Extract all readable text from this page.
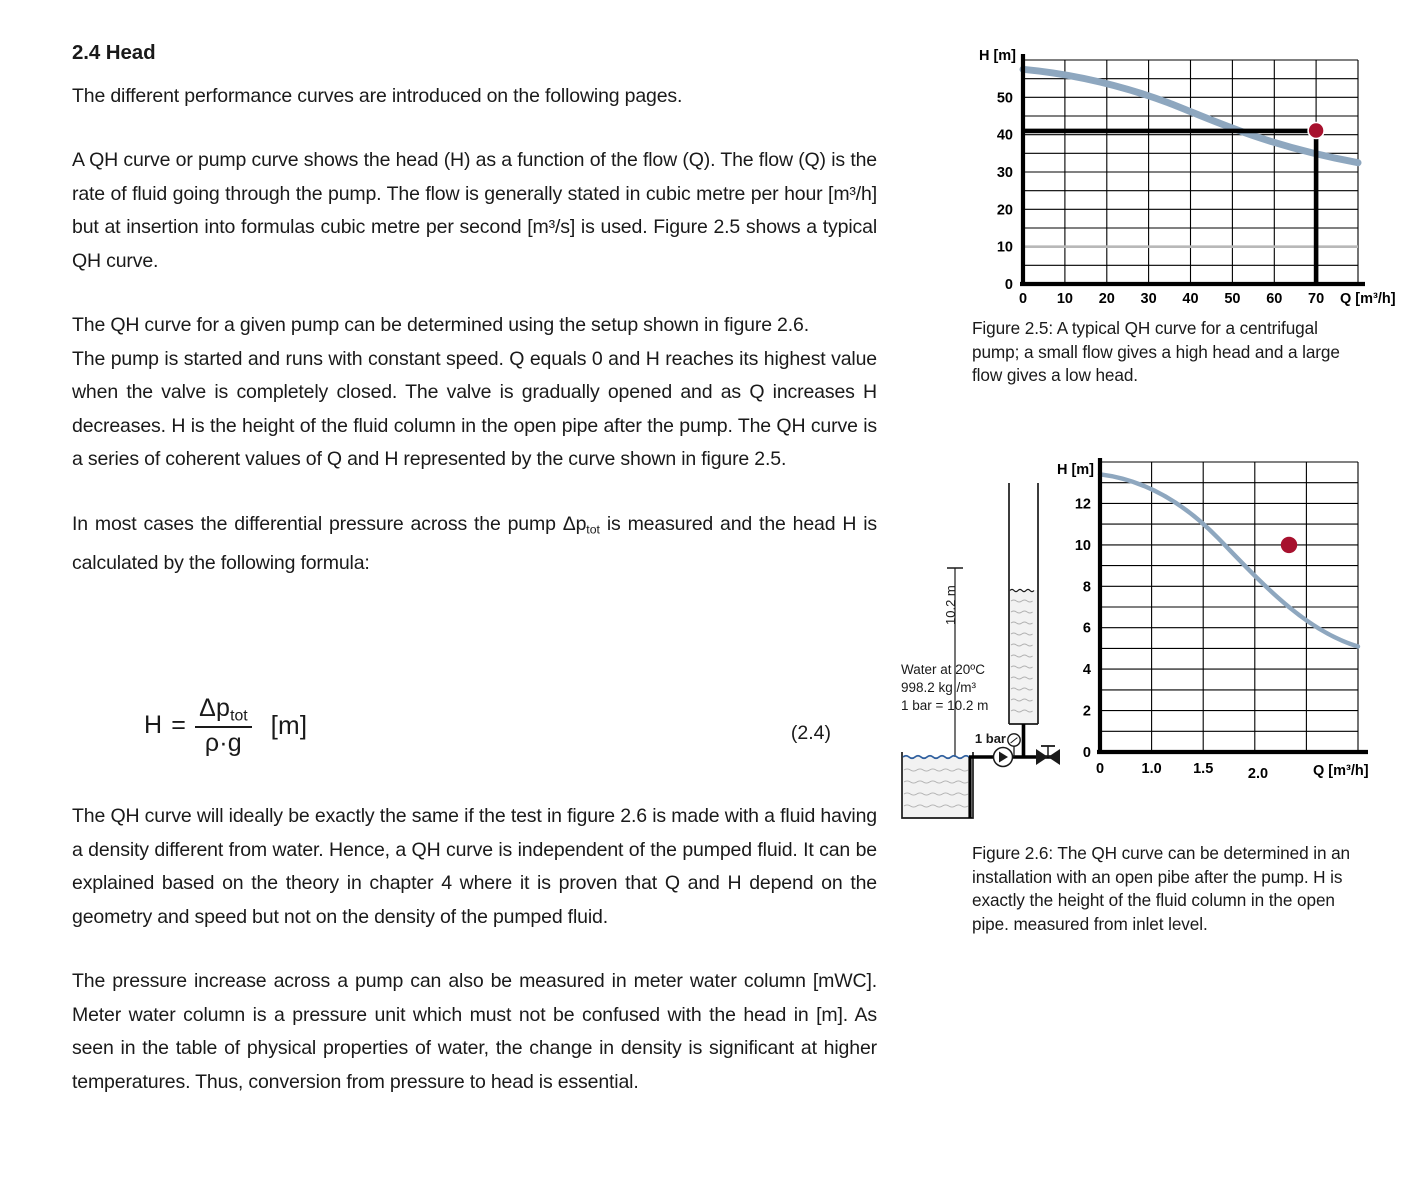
2.4 Head

The different performance curves are introduced on the following pages.

A QH curve or pump curve shows the head (H) as a function of the flow (Q). The flow (Q) is the rate of fluid going through the pump. The flow is generally stated in cubic metre per hour [m³/h] but at insertion into formulas cubic metre per second [m³/s] is used. Figure 2.5 shows a typical QH curve.

The QH curve for a given pump can be determined using the setup shown in figure 2.6.

The pump is started and runs with constant speed. Q equals 0 and H reaches its highest value when the valve is completely closed. The valve is gradually opened and as Q increases H decreases. H is the height of the fluid column in the open pipe after the pump. The QH curve is a series of coherent values of Q and H represented by the curve shown in figure 2.5.

In most cases the differential pressure across the pump $\Delta p_{tot}$ is measured and the head H is calculated by the following formula:

$H = \frac{\Delta p_{tot}}{\rho\cdot g} [m]$	(2.4)

The QH curve will ideally be exactly the same if the test in figure 2.6 is made with a fluid having a density different from water. Hence, a QH curve is independent of the pumped fluid. It can be explained based on the theory in chapter 4 where it is proven that Q and H depend on the geometry and speed but not on the density of the pumped fluid.

The pressure increase across a pump can also be measured in meter water column [mWC]. Meter water column is a pressure unit which must not be confused with the head in [m]. As seen in the table of physical properties of water, the change in density is significant at higher temperatures. Thus, conversion from pressure to head is essential.

0
10
20
30
40
50
0 10 20 30 40 50 60 70
H [m]
Q [m³/h]
Figure 2.5: A typical QH curve for a centrifugal pump; a small flow gives a high head and a large flow gives a low head.
10.2 m
Water at 20ºC
998.2 kg /m³
1 bar = 10.2 m
1 bar
0
2
4
6
8
10
12
0	1.0 1.5 2.0
H [m]
Q [m³/h]
Figure 2.6: The QH curve can be determined in an installation with an open pibe after the pump. H is exactly the height of the fluid column in the open pipe. measured from inlet level.
